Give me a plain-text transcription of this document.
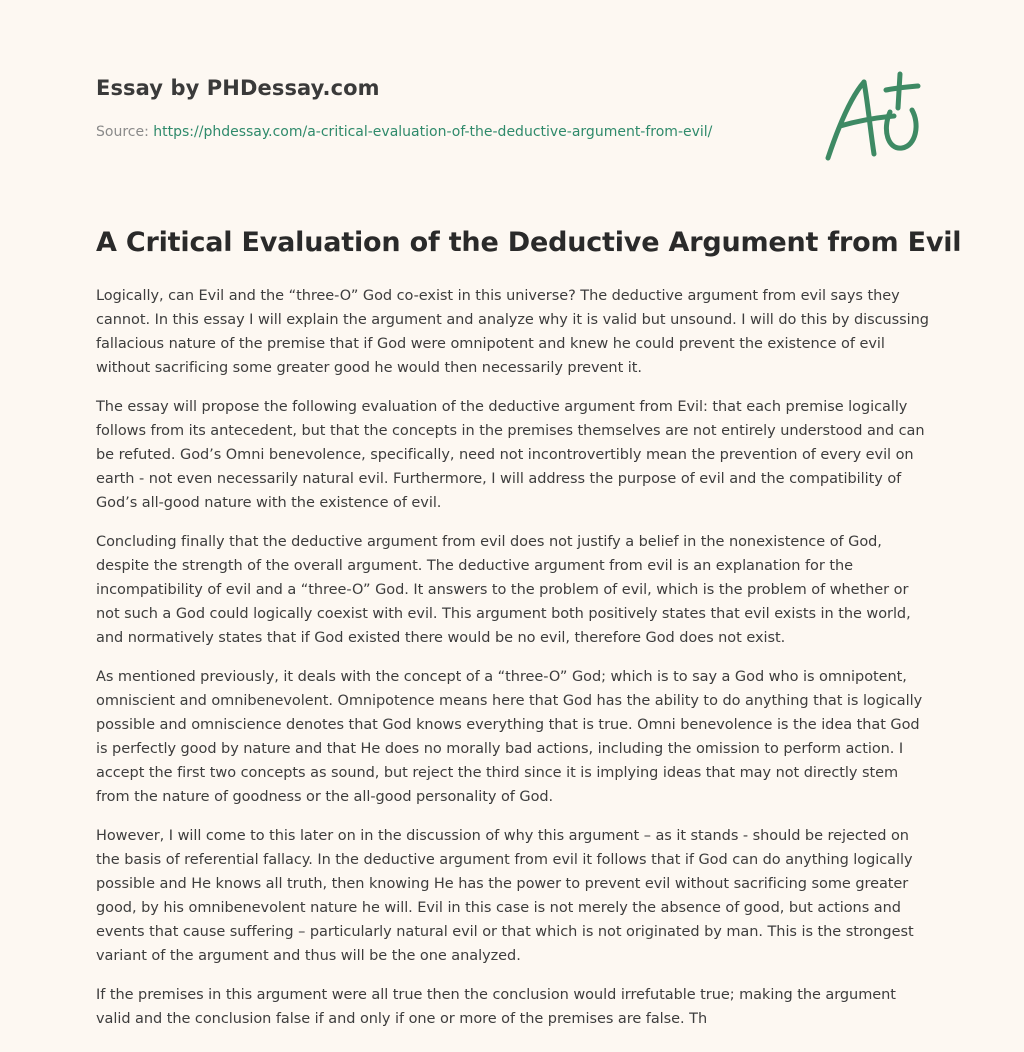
Essay by PHDessay.com
Source: https://phdessay.com/a-critical-evaluation-of-the-deductive-argument-from-evil/
A Critical Evaluation of the Deductive Argument from Evil

Logically, can Evil and the “three-O” God co-exist in this universe? The deductive argument from evil says they cannot. In this essay I will explain the argument and analyze why it is valid but unsound. I will do this by discussing fallacious nature of the premise that if God were omnipotent and knew he could prevent the existence of evil without sacrificing some greater good he would then necessarily prevent it.

The essay will propose the following evaluation of the deductive argument from Evil: that each premise logically follows from its antecedent, but that the concepts in the premises themselves are not entirely understood and can be refuted. God’s Omni benevolence, specifically, need not incontrovertibly mean the prevention of every evil on earth - not even necessarily natural evil. Furthermore, I will address the purpose of evil and the compatibility of God’s all-good nature with the existence of evil.

Concluding finally that the deductive argument from evil does not justify a belief in the nonexistence of God, despite the strength of the overall argument. The deductive argument from evil is an explanation for the incompatibility of evil and a “three-O” God. It answers to the problem of evil, which is the problem of whether or not such a God could logically coexist with evil. This argument both positively states that evil exists in the world, and normatively states that if God existed there would be no evil, therefore God does not exist.

As mentioned previously, it deals with the concept of a “three-O” God; which is to say a God who is omnipotent, omniscient and omnibenevolent. Omnipotence means here that God has the ability to do anything that is logically possible and omniscience denotes that God knows everything that is true. Omni benevolence is the idea that God is perfectly good by nature and that He does no morally bad actions, including the omission to perform action. I accept the first two concepts as sound, but reject the third since it is implying ideas that may not directly stem from the nature of goodness or the all-good personality of God.

However, I will come to this later on in the discussion of why this argument – as it stands - should be rejected on the basis of referential fallacy. In the deductive argument from evil it follows that if God can do anything logically possible and He knows all truth, then knowing He has the power to prevent evil without sacrificing some greater good, by his omnibenevolent nature he will. Evil in this case is not merely the absence of good, but actions and events that cause suffering – particularly natural evil or that which is not originated by man. This is the strongest variant of the argument and thus will be the one analyzed.

If the premises in this argument were all true then the conclusion would irrefutable true; making the argument valid and the conclusion false if and only if one or more of the premises are false. Th
